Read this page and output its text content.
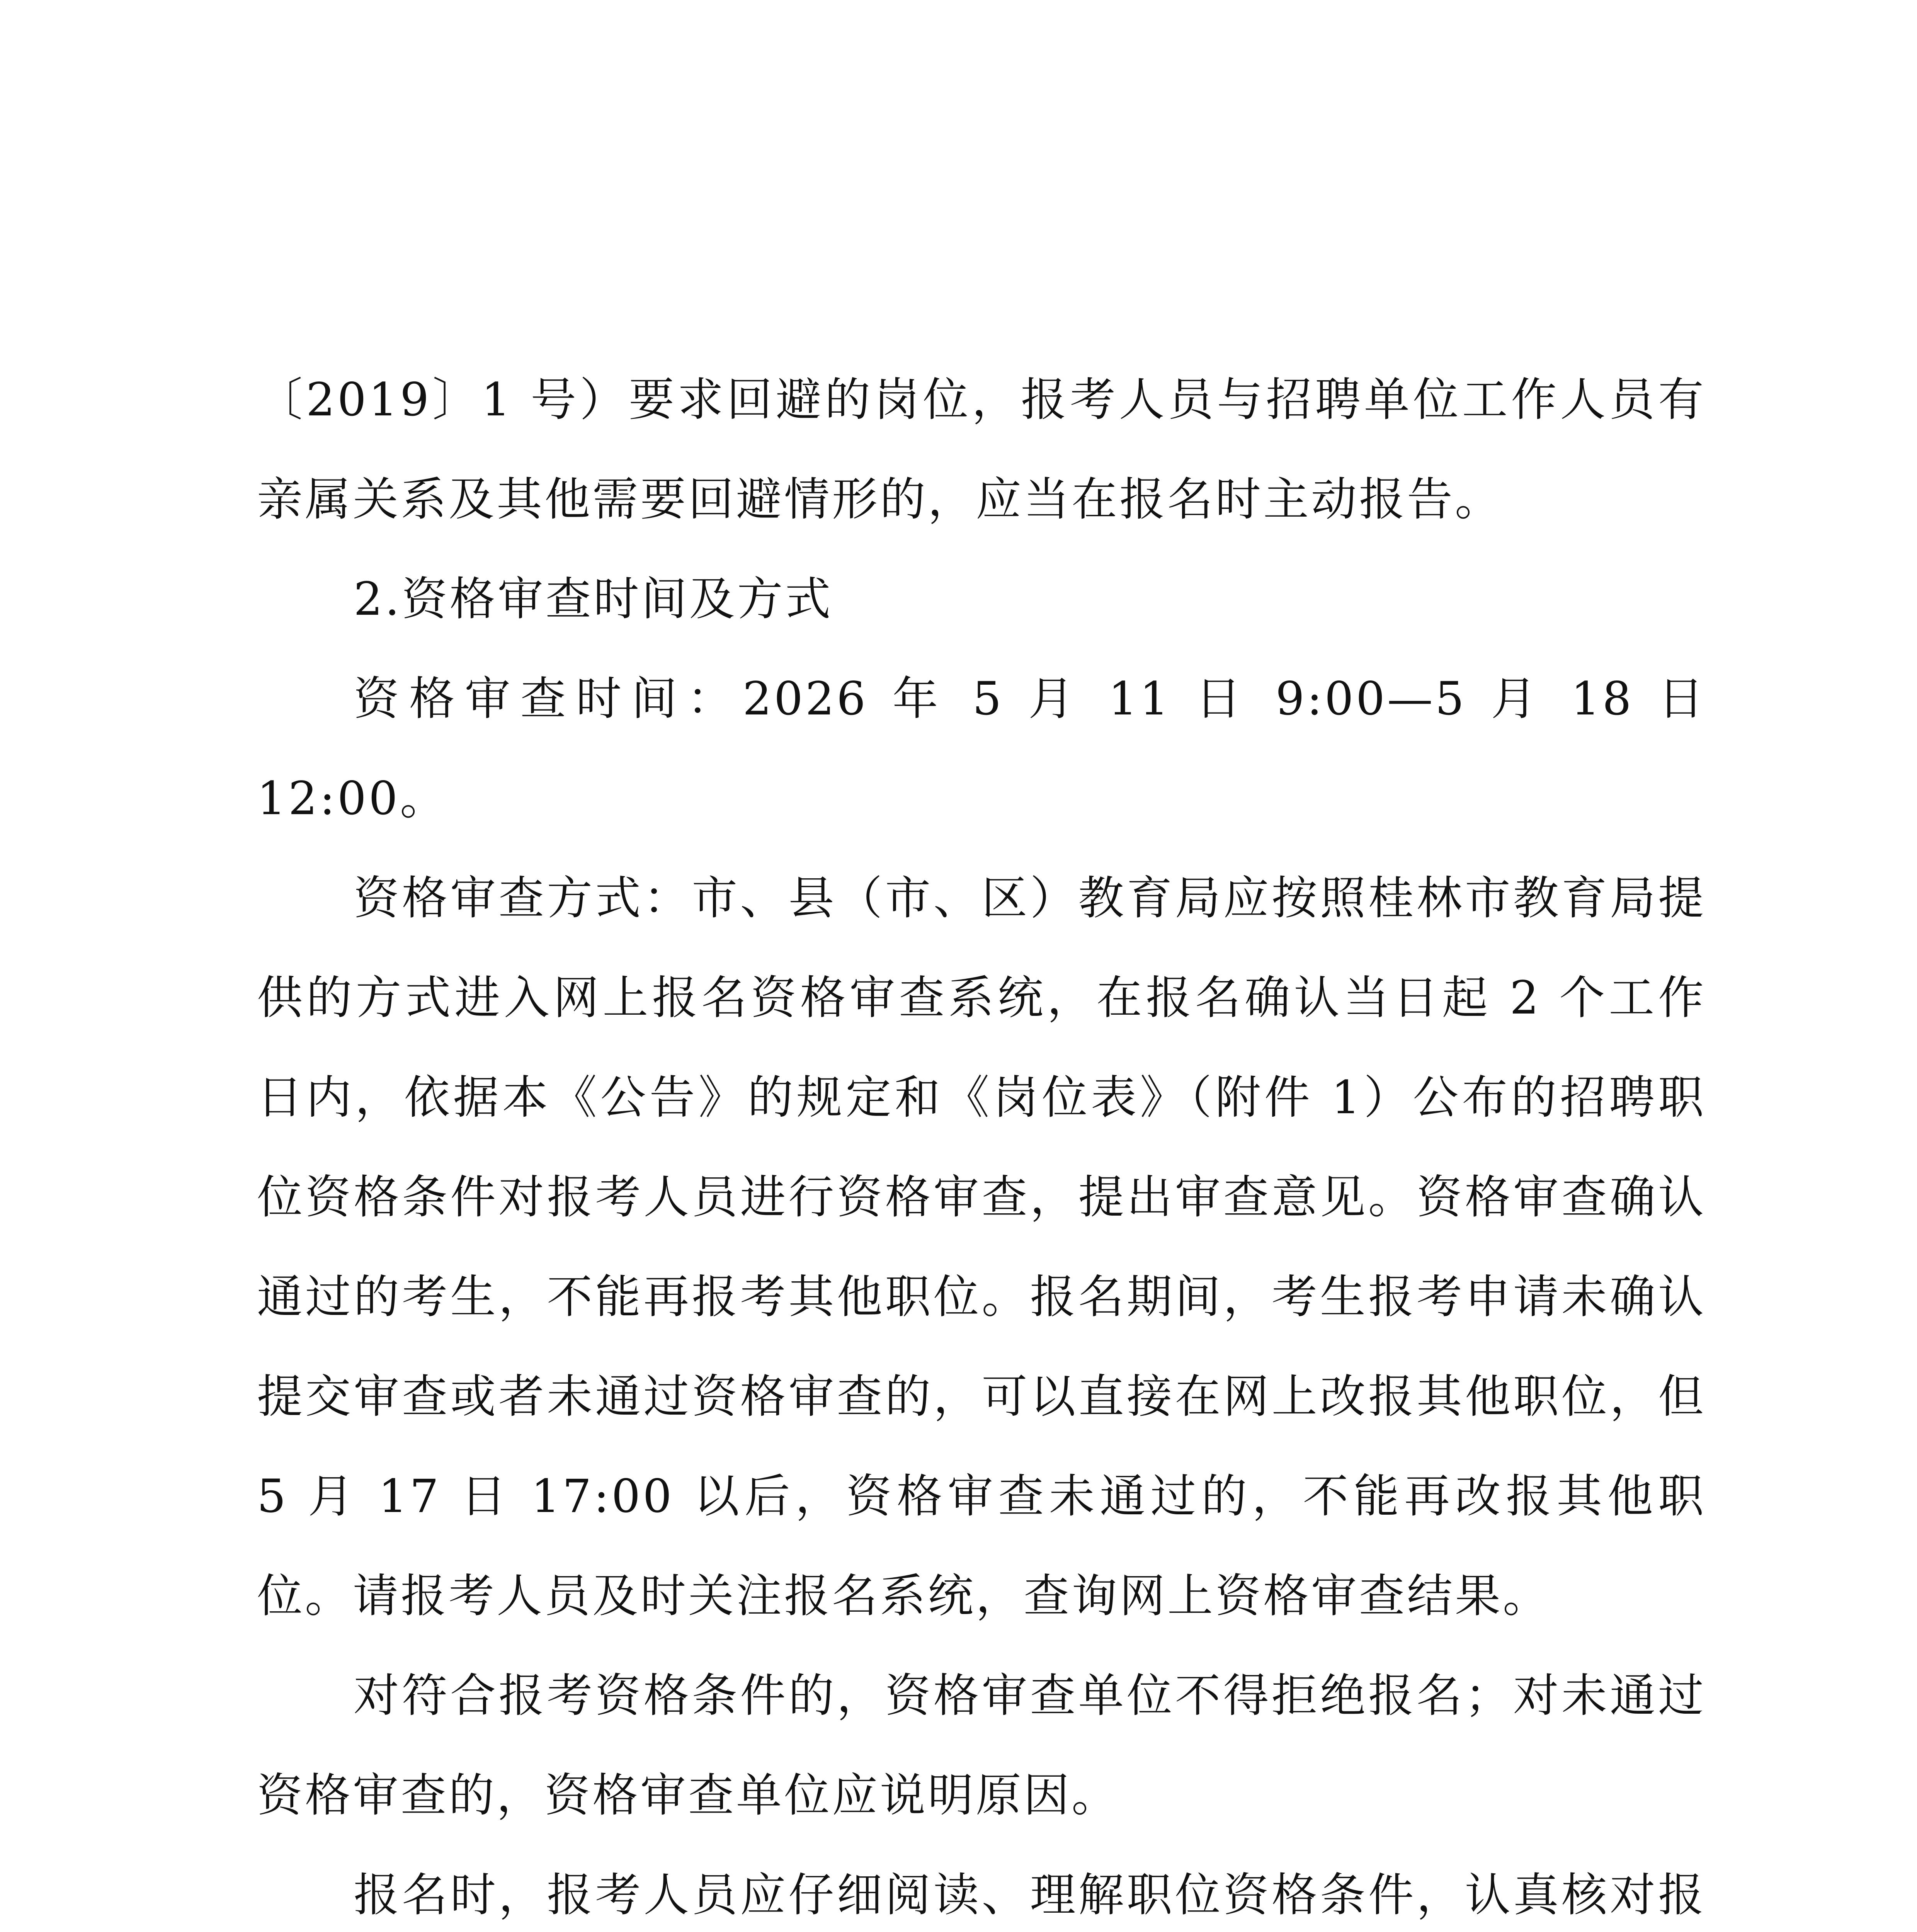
〔2019〕1 号）要求回避的岗位，报考人员与招聘单位工作人员有亲属关系及其他需要回避情形的，应当在报名时主动报告。

2.资格审查时间及方式

资格审查时间：2026 年 5 月 11 日 9:00—5 月 18 日 12:00。

资格审查方式：市、县（市、区）教育局应按照桂林市教育局提供的方式进入网上报名资格审查系统，在报名确认当日起 2 个工作日内，依据本《公告》的规定和《岗位表》（附件 1）公布的招聘职位资格条件对报考人员进行资格审查，提出审查意见。资格审查确认通过的考生，不能再报考其他职位。报名期间，考生报考申请未确认提交审查或者未通过资格审查的，可以直接在网上改报其他职位，但 5 月 17 日 17:00 以后，资格审查未通过的，不能再改报其他职位。请报考人员及时关注报名系统，查询网上资格审查结果。

对符合报考资格条件的，资格审查单位不得拒绝报名；对未通过资格审查的，资格审查单位应说明原因。

报名时，报考人员应仔细阅读、理解职位资格条件，认真核对报
